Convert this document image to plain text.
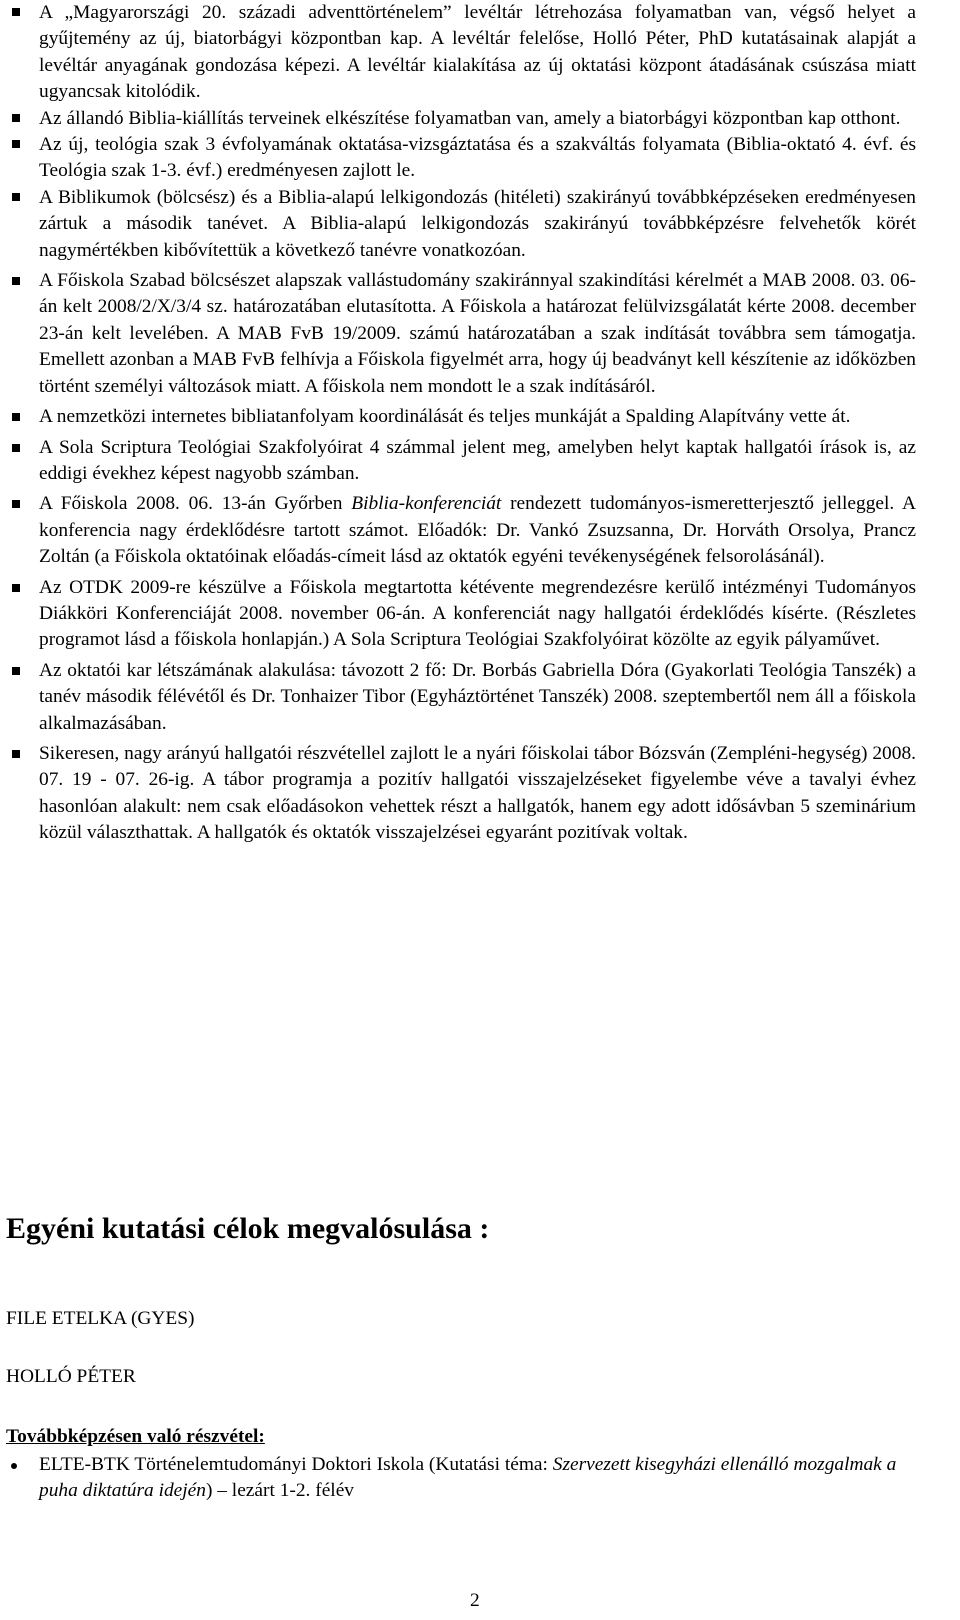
A „Magyarországi 20. századi adventtörténelem” levéltár létrehozása folyamatban van, végső helyet a gyűjtemény az új, biatorbágyi központban kap. A levéltár felelőse, Holló Péter, PhD kutatásainak alapját a levéltár anyagának gondozása képezi. A levéltár kialakítása az új oktatási központ átadásának csúszása miatt ugyancsak kitolódik.
Az állandó Biblia-kiállítás terveinek elkészítése folyamatban van, amely a biatorbágyi központban kap otthont.
Az új, teológia szak 3 évfolyamának oktatása-vizsgáztatása és a szakváltás folyamata (Biblia-oktató 4. évf. és Teológia szak 1-3. évf.) eredményesen zajlott le.
A Biblikumok (bölcsész) és a Biblia-alapú lelkigondozás (hitéleti) szakirányú továbbképzéseken eredményesen zártuk a második tanévet. A Biblia-alapú lelkigondozás szakirányú továbbképzésre felvehetők körét nagymértékben kibővítettük a következő tanévre vonatkozóan.
A Főiskola Szabad bölcsészet alapszak vallástudomány szakiránnyal szakindítási kérelmét a MAB 2008. 03. 06-án kelt 2008/2/X/3/4 sz. határozatában elutasította. A Főiskola a határozat felülvizsgálatát kérte 2008. december 23-án kelt levelében. A MAB FvB 19/2009. számú határozatában a szak indítását továbbra sem támogatja. Emellett azonban a MAB FvB felhívja a Főiskola figyelmét arra, hogy új beadványt kell készítenie az időközben történt személyi változások miatt. A főiskola nem mondott le a szak indításáról.
A nemzetközi internetes bibliatanfolyam koordinálását és teljes munkáját a Spalding Alapítvány vette át.
A Sola Scriptura Teológiai Szakfolyóirat 4 számmal jelent meg, amelyben helyt kaptak hallgatói írások is, az eddigi évekhez képest nagyobb számban.
A Főiskola 2008. 06. 13-án Győrben Biblia-konferenciát rendezett tudományos-ismeretterjesztő jelleggel. A konferencia nagy érdeklődésre tartott számot. Előadók: Dr. Vankó Zsuzsanna, Dr. Horváth Orsolya, Prancz Zoltán (a Főiskola oktatóinak előadás-címeit lásd az oktatók egyéni tevékenységének felsorolásánál).
Az OTDK 2009-re készülve a Főiskola megtartotta kétévente megrendezésre kerülő intézményi Tudományos Diákköri Konferenciáját 2008. november 06-án. A konferenciát nagy hallgatói érdeklődés kísérte. (Részletes programot lásd a főiskola honlapján.) A Sola Scriptura Teológiai Szakfolyóirat közölte az egyik pályaművet.
Az oktatói kar létszámának alakulása: távozott 2 fő: Dr. Borbás Gabriella Dóra (Gyakorlati Teológia Tanszék) a tanév második félévétől és Dr. Tonhaizer Tibor (Egyháztörténet Tanszék) 2008. szeptembertől nem áll a főiskola alkalmazásában.
Sikeresen, nagy arányú hallgatói részvétellel zajlott le a nyári főiskolai tábor Bózsván (Zempléni-hegység) 2008. 07. 19 - 07. 26-ig. A tábor programja a pozitív hallgatói visszajelzéseket figyelembe véve a tavalyi évhez hasonlóan alakult: nem csak előadásokon vehettek részt a hallgatók, hanem egy adott idősávban 5 szeminárium közül választhattak. A hallgatók és oktatók visszajelzései egyaránt pozitívak voltak.
Egyéni kutatási célok megvalósulása :
FILE ETELKA (GYES)
HOLLÓ PÉTER
Továbbképzésen való részvétel:
ELTE-BTK Történelemtudományi Doktori Iskola (Kutatási téma: Szervezett kisegyházi ellenálló mozgalmak a puha diktatúra idején) – lezárt 1-2. félév
2
